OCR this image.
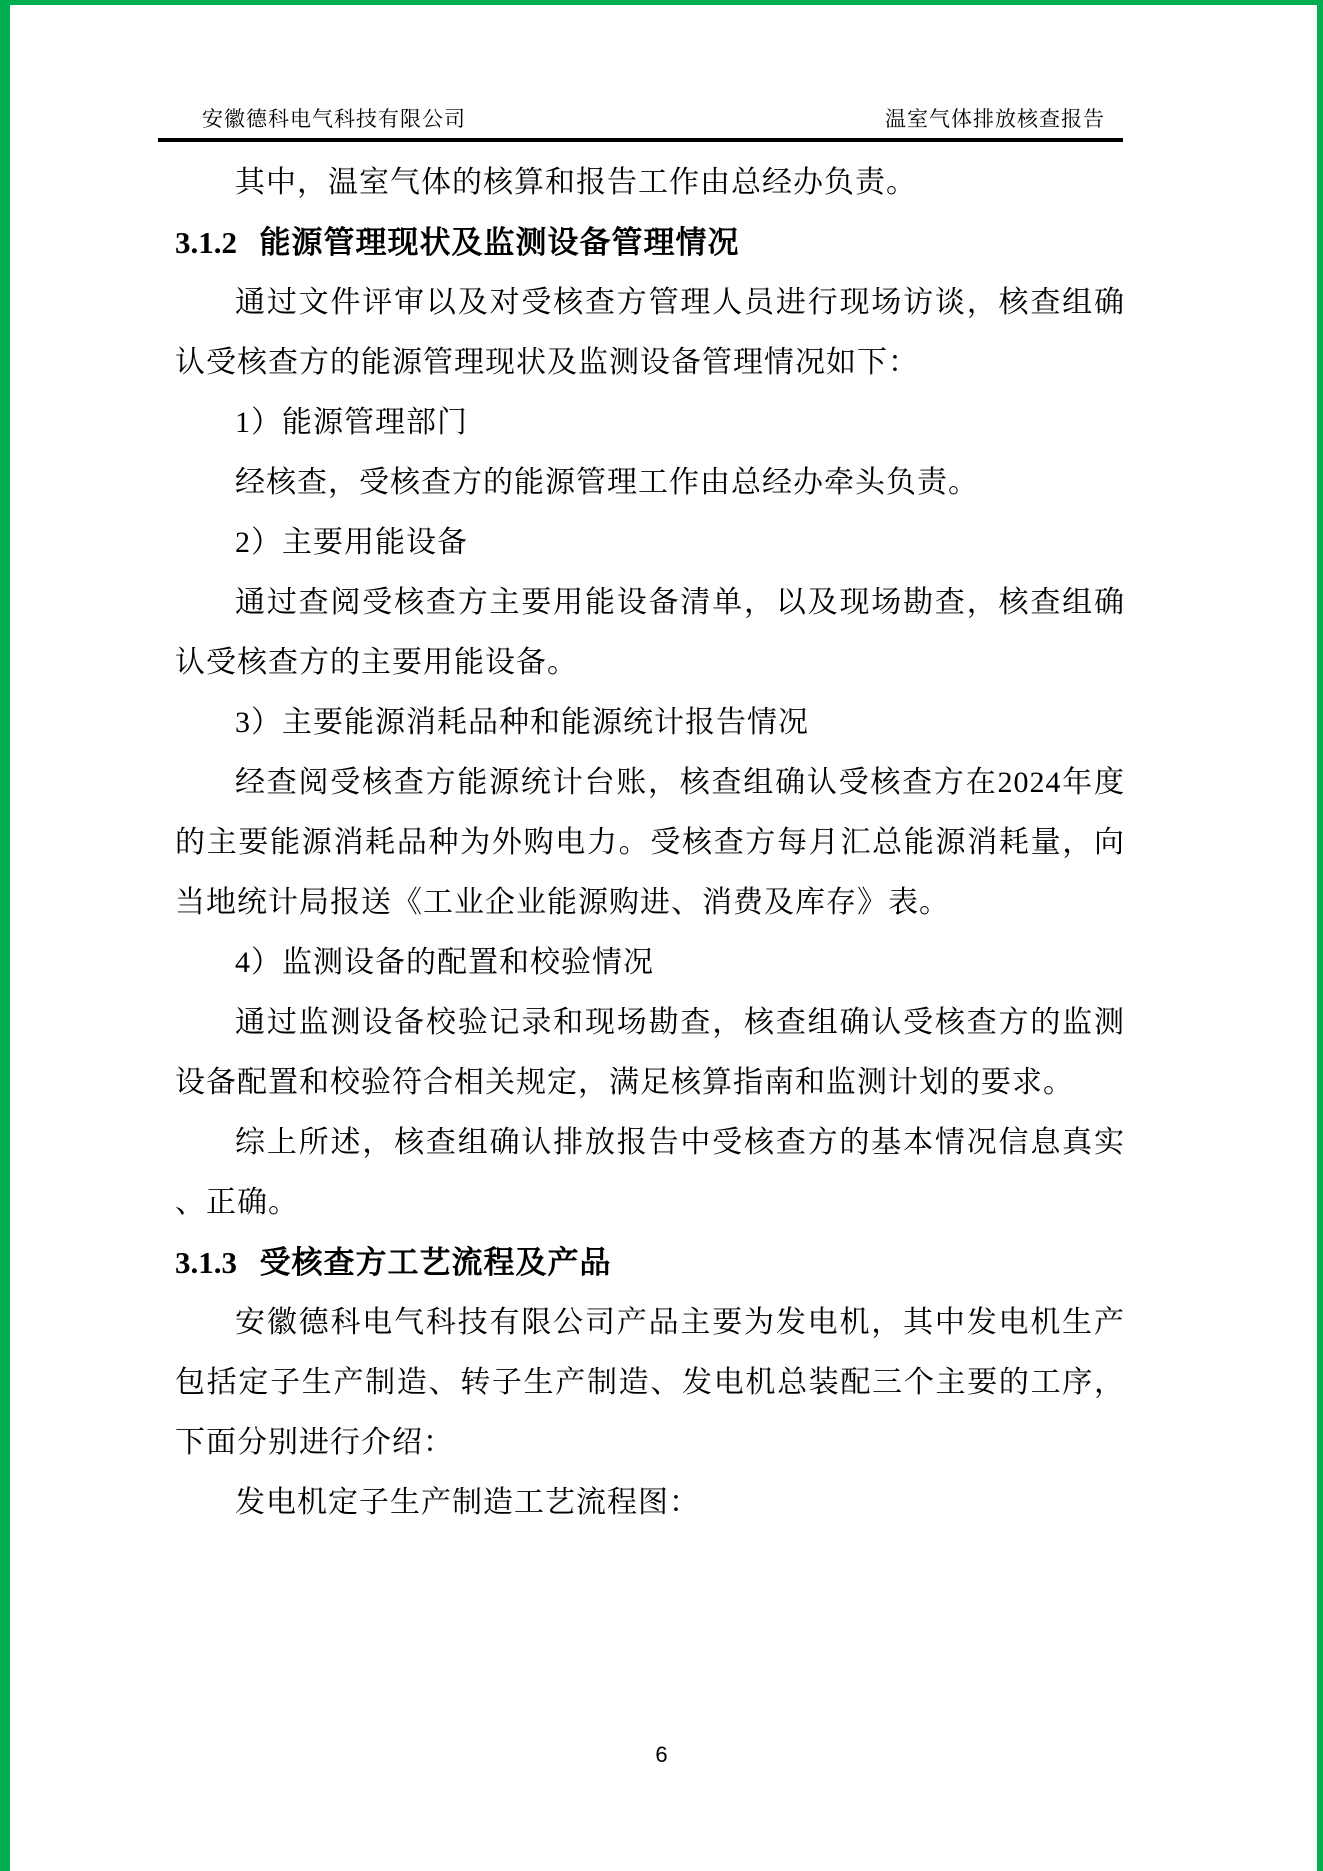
安徽德科电气科技有限公司	温室气体排放核查报告
其中，温室气体的核算和报告工作由总经办负责。
3.1.2 能源管理现状及监测设备管理情况
通过文件评审以及对受核查方管理人员进行现场访谈，核查组确
认受核查方的能源管理现状及监测设备管理情况如下：
1）能源管理部门
经核查，受核查方的能源管理工作由总经办牵头负责。
2）主要用能设备
通过查阅受核查方主要用能设备清单，以及现场勘查，核查组确
认受核查方的主要用能设备。
3）主要能源消耗品种和能源统计报告情况
经查阅受核查方能源统计台账，核查组确认受核查方在2024年度
的主要能源消耗品种为外购电力。受核查方每月汇总能源消耗量，向
当地统计局报送《工业企业能源购进、消费及库存》表。
4）监测设备的配置和校验情况
通过监测设备校验记录和现场勘查，核查组确认受核查方的监测
设备配置和校验符合相关规定，满足核算指南和监测计划的要求。
综上所述，核查组确认排放报告中受核查方的基本情况信息真实
、正确。
3.1.3 受核查方工艺流程及产品
安徽德科电气科技有限公司产品主要为发电机，其中发电机生产
包括定子生产制造、转子生产制造、发电机总装配三个主要的工序，
下面分别进行介绍：
发电机定子生产制造工艺流程图：
6
